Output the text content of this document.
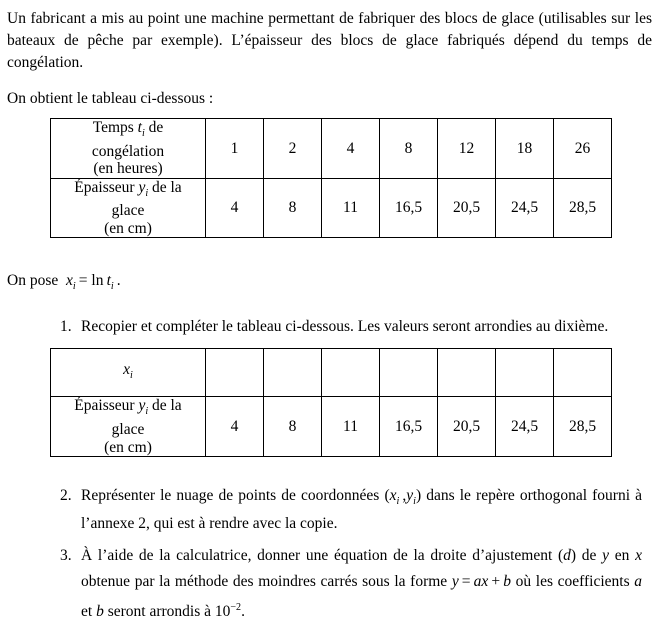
Un fabricant a mis au point une machine permettant de fabriquer des blocs de glace (utilisables sur les bateaux de pêche par exemple). L’épaisseur des blocs de glace fabriqués dépend du temps de congélation.

On obtient le tableau ci-dessous :

Temps $t_i$ de
congélation
(en heures)	1	2	4	8	12	18	26
Épaisseur $y_i$ de la
glace
(en cm)	4	8	11	16,5	20,5	24,5	28,5

On pose  $x_i = \ln t_i$ .

1. Recopier et compléter le tableau ci-dessous. Les valeurs seront arrondies au dixième.
$x_i$							
Épaisseur $y_i$ de la
glace
(en cm)	4	8	11	16,5	20,5	24,5	28,5
2. Représenter le nuage de points de coordonnées ($x_i$ $,y_i$) dans le repère orthogonal fourni à l’annexe 2, qui est à rendre avec la copie.
3. À l’aide de la calculatrice, donner une équation de la droite d’ajustement (d) de y en x obtenue par la méthode des moindres carrés sous la forme y = ax + b où les coefficients a et b seront arrondis à $10^{-2}$.
